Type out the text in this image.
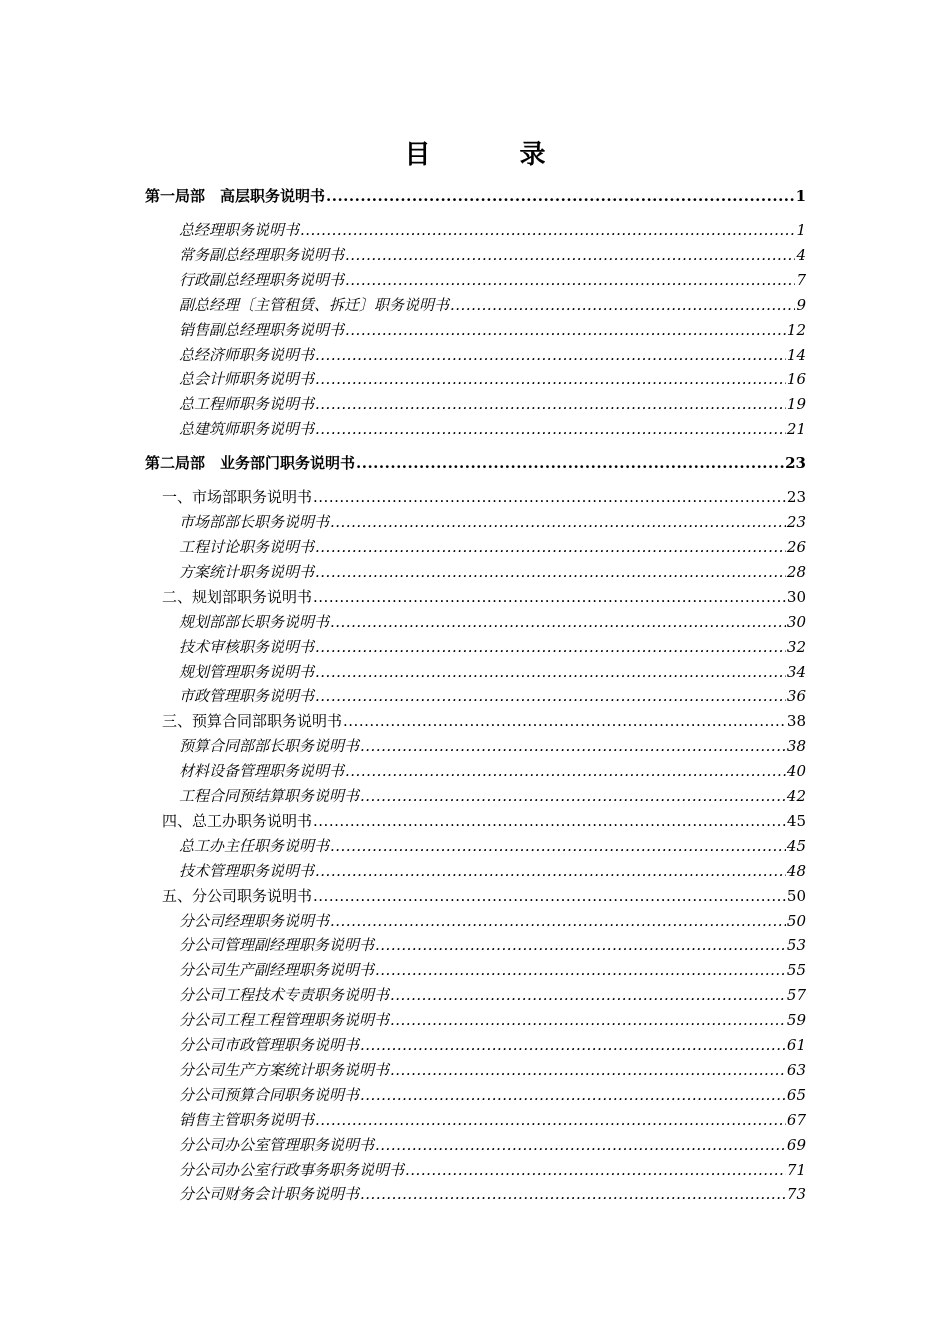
目 录
第一局部　高层职务说明书 .....	1
总经理职务说明书 .....	1
常务副总经理职务说明书 .....	4
行政副总经理职务说明书 .....	7
副总经理〔主管租赁、拆迁〕职务说明书 .....	9
销售副总经理职务说明书 .....	12
总经济师职务说明书 .....	14
总会计师职务说明书 .....	16
总工程师职务说明书 .....	19
总建筑师职务说明书 .....	21
第二局部　业务部门职务说明书 .....	23
一、市场部职务说明书 .....	23
市场部部长职务说明书 .....	23
工程讨论职务说明书 .....	26
方案统计职务说明书 .....	28
二、规划部职务说明书 .....	30
规划部部长职务说明书 .....	30
技术审核职务说明书 .....	32
规划管理职务说明书 .....	34
市政管理职务说明书 .....	36
三、预算合同部职务说明书 .....	38
预算合同部部长职务说明书 .....	38
材料设备管理职务说明书 .....	40
工程合同预结算职务说明书 .....	42
四、总工办职务说明书 .....	45
总工办主任职务说明书 .....	45
技术管理职务说明书 .....	48
五、分公司职务说明书 .....	50
分公司经理职务说明书 .....	50
分公司管理副经理职务说明书 .....	53
分公司生产副经理职务说明书 .....	55
分公司工程技术专责职务说明书 .....	57
分公司工程工程管理职务说明书 .....	59
分公司市政管理职务说明书 .....	61
分公司生产方案统计职务说明书 .....	63
分公司预算合同职务说明书 .....	65
销售主管职务说明书 .....	67
分公司办公室管理职务说明书 .....	69
分公司办公室行政事务职务说明书 .....	71
分公司财务会计职务说明书 .....	73
